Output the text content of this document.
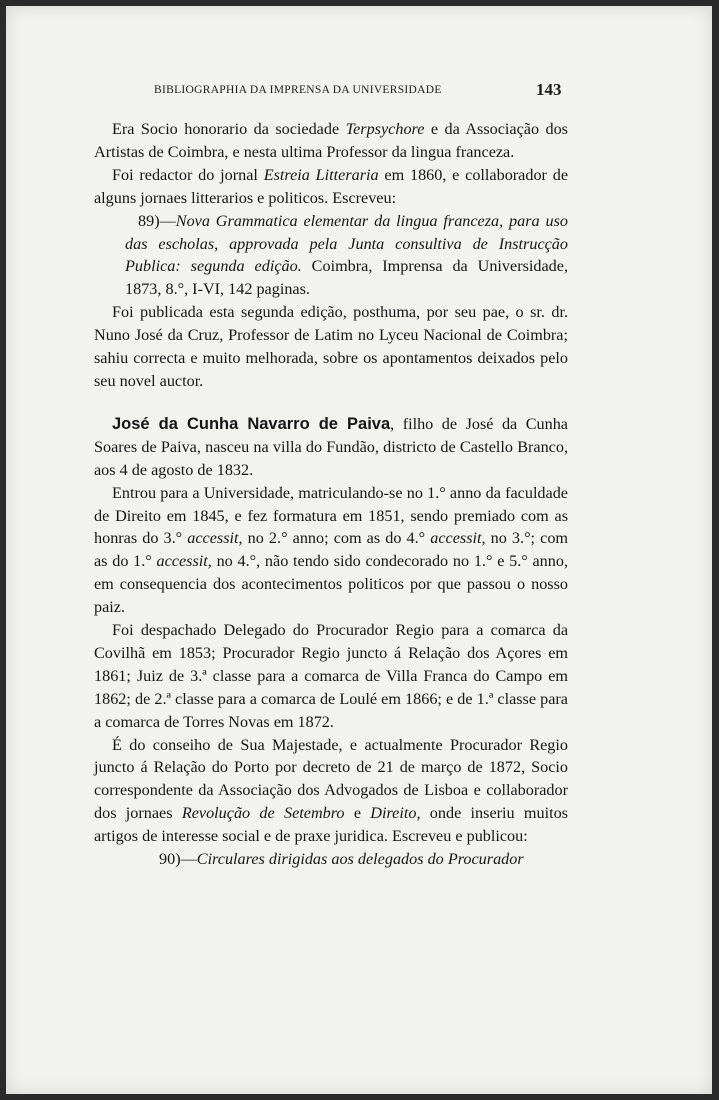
BIBLIOGRAPHIA DA IMPRENSA DA UNIVERSIDADE	143

Era Socio honorario da sociedade Terpsychore e da Associação dos Artistas de Coimbra, e nesta ultima Professor da lingua franceza.

Foi redactor do jornal Estreia Litteraria em 1860, e collaborador de alguns jornaes litterarios e politicos. Escreveu:

89)—Nova Grammatica elementar da lingua franceza, para uso das escholas, approvada pela Junta consultiva de Instrucção Publica: segunda edição. Coimbra, Imprensa da Universidade, 1873, 8.°, I-VI, 142 paginas.

Foi publicada esta segunda edição, posthuma, por seu pae, o sr. dr. Nuno José da Cruz, Professor de Latim no Lyceu Nacional de Coimbra; sahiu correcta e muito melhorada, sobre os apontamentos deixados pelo seu novel auctor.

José da Cunha Navarro de Paiva, filho de José da Cunha Soares de Paiva, nasceu na villa do Fundão, districto de Castello Branco, aos 4 de agosto de 1832.

Entrou para a Universidade, matriculando-se no 1.° anno da faculdade de Direito em 1845, e fez formatura em 1851, sendo premiado com as honras do 3.° accessit, no 2.° anno; com as do 4.° accessit, no 3.°; com as do 1.° accessit, no 4.°, não tendo sido condecorado no 1.° e 5.° anno, em consequencia dos acontecimentos politicos por que passou o nosso paiz.

Foi despachado Delegado do Procurador Regio para a comarca da Covilhã em 1853; Procurador Regio juncto á Relação dos Açores em 1861; Juiz de 3.ª classe para a comarca de Villa Franca do Campo em 1862; de 2.ª classe para a comarca de Loulé em 1866; e de 1.ª classe para a comarca de Torres Novas em 1872.

É do conseiho de Sua Majestade, e actualmente Procurador Regio juncto á Relação do Porto por decreto de 21 de março de 1872, Socio correspondente da Associação dos Advogados de Lisboa e collaborador dos jornaes Revolução de Setembro e Direito, onde inseriu muitos artigos de interesse social e de praxe juridica. Escreveu e publicou:

90)—Circulares dirigidas aos delegados do Procurador
